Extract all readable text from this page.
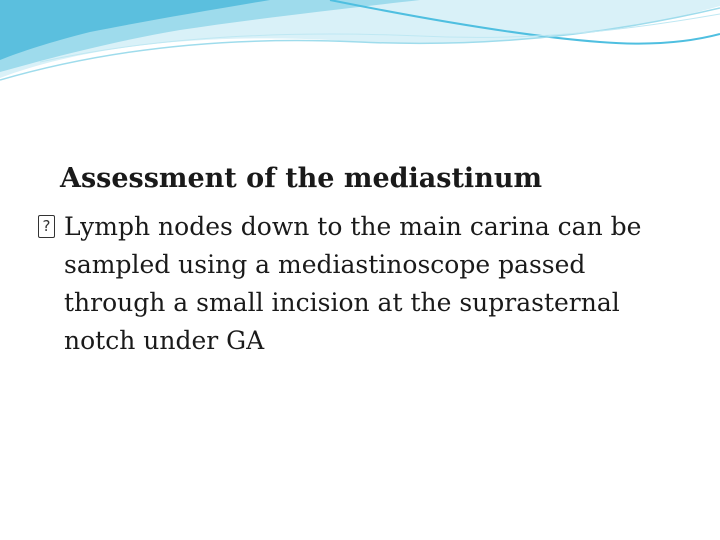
Assessment of the mediastinum
? Lymph nodes down to the main carina can be sampled using a mediastinoscope passed through a small incision at the suprasternal notch under GA
